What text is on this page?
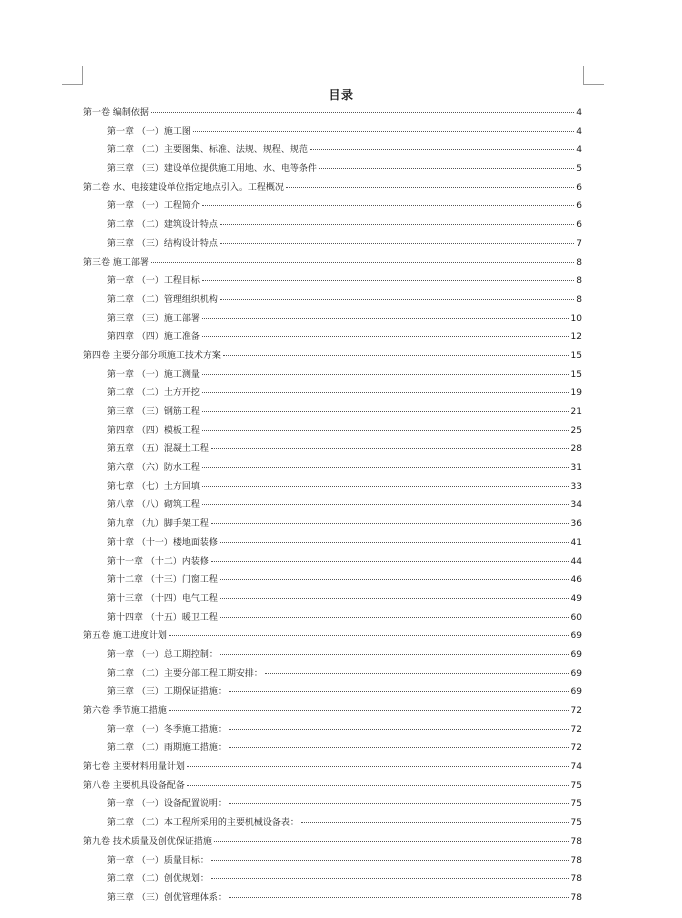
目录
第一卷 编制依据	4
第一章 （一）施工图	4
第二章 （二）主要图集、标准、法规、规程、规范	4
第三章 （三）建设单位提供施工用地、水、电等条件	5
第二卷 水、电接建设单位指定地点引入。工程概况	6
第一章 （一）工程简介	6
第二章 （二）建筑设计特点	6
第三章 （三）结构设计特点	7
第三卷 施工部署	8
第一章 （一）工程目标	8
第二章 （二）管理组织机构	8
第三章 （三）施工部署	10
第四章 （四）施工准备	12
第四卷 主要分部分项施工技术方案	15
第一章 （一）施工测量	15
第二章 （二）土方开挖	19
第三章 （三）钢筋工程	21
第四章 （四）模板工程	25
第五章 （五）混凝土工程	28
第六章 （六）防水工程	31
第七章 （七）土方回填	33
第八章 （八）砌筑工程	34
第九章 （九）脚手架工程	36
第十章 （十一）楼地面装修	41
第十一章 （十二）内装修	44
第十二章 （十三）门窗工程	46
第十三章 （十四）电气工程	49
第十四章 （十五）暖卫工程	60
第五卷 施工进度计划	69
第一章 （一）总工期控制：	69
第二章 （二）主要分部工程工期安排：	69
第三章 （三）工期保证措施：	69
第六卷 季节施工措施	72
第一章 （一）冬季施工措施：	72
第二章 （二）雨期施工措施：	72
第七卷 主要材料用量计划	74
第八卷 主要机具设备配备	75
第一章 （一）设备配置说明：	75
第二章 （二）本工程所采用的主要机械设备表：	75
第九卷 技术质量及创优保证措施	78
第一章 （一）质量目标：	78
第二章 （二）创优规划：	78
第三章 （三）创优管理体系：	78
